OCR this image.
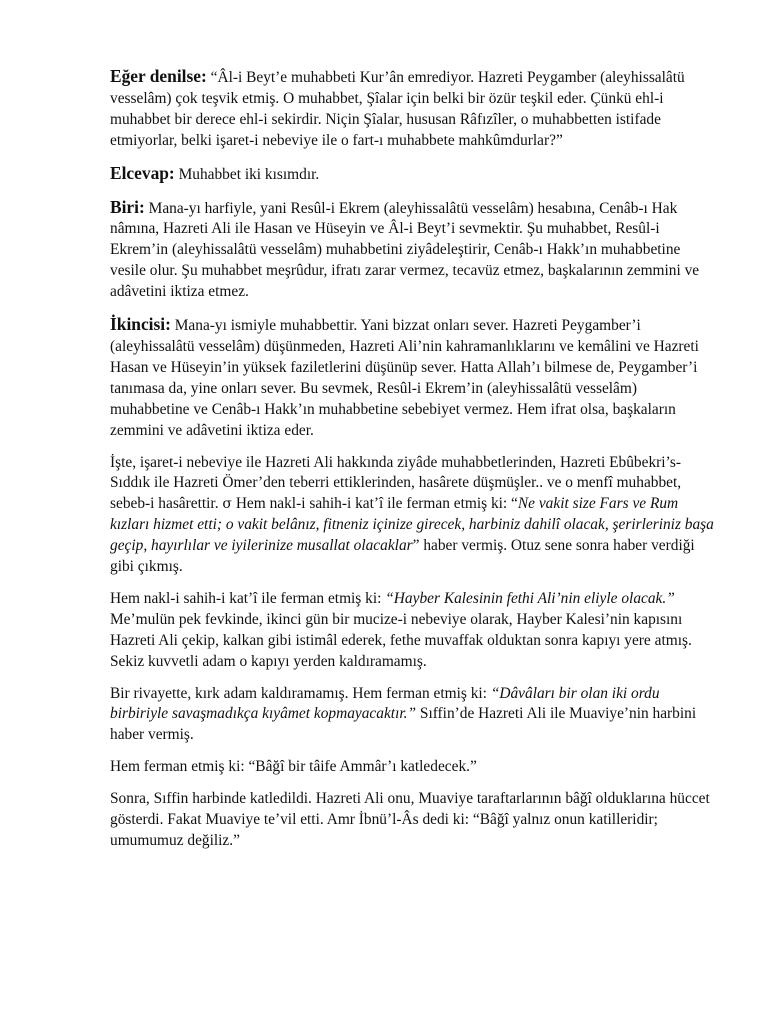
Eğer denilse: “Âl-i Beyt’e muhabbeti Kur’ân emrediyor. Hazreti Peygamber (aleyhissalâtü vesselâm) çok teşvik etmiş. O muhabbet, Şîalar için belki bir özür teşkil eder. Çünkü ehl-i muhabbet bir derece ehl-i sekirdir. Niçin Şîalar, hususan Râfızîler, o muhabbetten istifade etmiyorlar, belki işaret-i nebeviye ile o fart-ı muhabbete mahkûmdurlar?”

Elcevap: Muhabbet iki kısımdır.

Biri: Mana-yı harfiyle, yani Resûl-i Ekrem (aleyhissalâtü vesselâm) hesabına, Cenâb-ı Hak nâmına, Hazreti Ali ile Hasan ve Hüseyin ve Âl-i Beyt’i sevmektir. Şu muhabbet, Resûl-i Ekrem’in (aleyhissalâtü vesselâm) muhabbetini ziyâdeleştirir, Cenâb-ı Hakk’ın muhabbetine vesile olur. Şu muhabbet meşrûdur, ifratı zarar vermez, tecavüz etmez, başkalarının zemmini ve adâvetini iktiza etmez.

İkincisi: Mana-yı ismiyle muhabbettir. Yani bizzat onları sever. Hazreti Peygamber’i (aleyhissalâtü vesselâm) düşünmeden, Hazreti Ali’nin kahramanlıklarını ve kemâlini ve Hazreti Hasan ve Hüseyin’in yüksek faziletlerini düşünüp sever. Hatta Allah’ı bilmese de, Peygamber’i tanımasa da, yine onları sever. Bu sevmek, Resûl-i Ekrem’in (aleyhissalâtü vesselâm) muhabbetine ve Cenâb-ı Hakk’ın muhabbetine sebebiyet vermez. Hem ifrat olsa, başkaların zemmini ve adâvetini iktiza eder.

İşte, işaret-i nebeviye ile Hazreti Ali hakkında ziyâde muhabbetlerinden, Hazreti Ebûbekri’s-Sıddık ile Hazreti Ömer’den teberri ettiklerinden, hasârete düşmüşler.. ve o menfî muhabbet, sebeb-i hasârettir. σ Hem nakl-i sahih-i kat’î ile ferman etmiş ki: “Ne vakit size Fars ve Rum kızları hizmet etti; o vakit belânız, fitneniz içinize girecek, harbiniz dahilî olacak, şerirleriniz başa geçip, hayırlılar ve iyilerinize musallat olacaklar” haber vermiş. Otuz sene sonra haber verdiği gibi çıkmış.

Hem nakl-i sahih-i kat’î ile ferman etmiş ki: “Hayber Kalesinin fethi Ali’nin eliyle olacak.” Me’mulün pek fevkinde, ikinci gün bir mucize-i nebeviye olarak, Hayber Kalesi’nin kapısını Hazreti Ali çekip, kalkan gibi istimâl ederek, fethe muvaffak olduktan sonra kapıyı yere atmış. Sekiz kuvvetli adam o kapıyı yerden kaldıramamış.

Bir rivayette, kırk adam kaldıramamış. Hem ferman etmiş ki: “Dâvâları bir olan iki ordu birbiriyle savaşmadıkça kıyâmet kopmayacaktır.” Sıffin’de Hazreti Ali ile Muaviye’nin harbini haber vermiş.

Hem ferman etmiş ki: “Bâğî bir tâife Ammâr’ı katledecek.”

Sonra, Sıffin harbinde katledildi. Hazreti Ali onu, Muaviye taraftarlarının bâğî olduklarına hüccet gösterdi. Fakat Muaviye te’vil etti. Amr İbnü’l-Âs dedi ki: “Bâğî yalnız onun katilleridir; umumumuz değiliz.”
